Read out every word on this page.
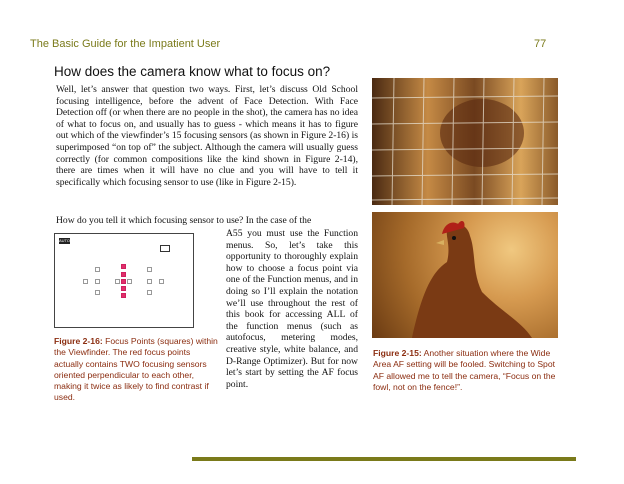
The Basic Guide for the Impatient User	77
How does the camera know what to focus on?
Well, let’s answer that question two ways. First, let’s discuss Old School focusing intelligence, before the advent of Face Detection. With Face Detection off (or when there are no people in the shot), the camera has no idea of what to focus on, and usually has to guess - which means it has to figure out which of the viewfinder’s 15 focusing sensors (as shown in Figure 2-16) is superimposed “on top of” the subject. Although the camera will usually guess correctly (for common compositions like the kind shown in Figure 2-14), there are times when it will have no clue and you will have to tell it specifically which focusing sensor to use (like in Figure 2-15).
How do you tell it which focusing sensor to use? In the case of the
A55 you must use the Function menus. So, let’s take this opportunity to thoroughly explain how to choose a focus point via one of the Function menus, and in doing so I’ll explain the notation we’ll use throughout the rest of this book for accessing ALL of the function menus (such as autofocus, metering modes, creative style, white balance, and D-Range Optimizer). But for now let’s start by setting the AF focus point.
AUTO
Figure 2-16: Focus Points (squares) within the Viewfinder. The red focus points actually contains TWO focusing sensors oriented perpendicular to each other, making it twice as likely to find contrast if used.
Figure 2-15: Another situation where the Wide Area AF setting will be fooled. Switching to Spot AF allowed me to tell the camera, “Focus on the fowl, not on the fence!”.
